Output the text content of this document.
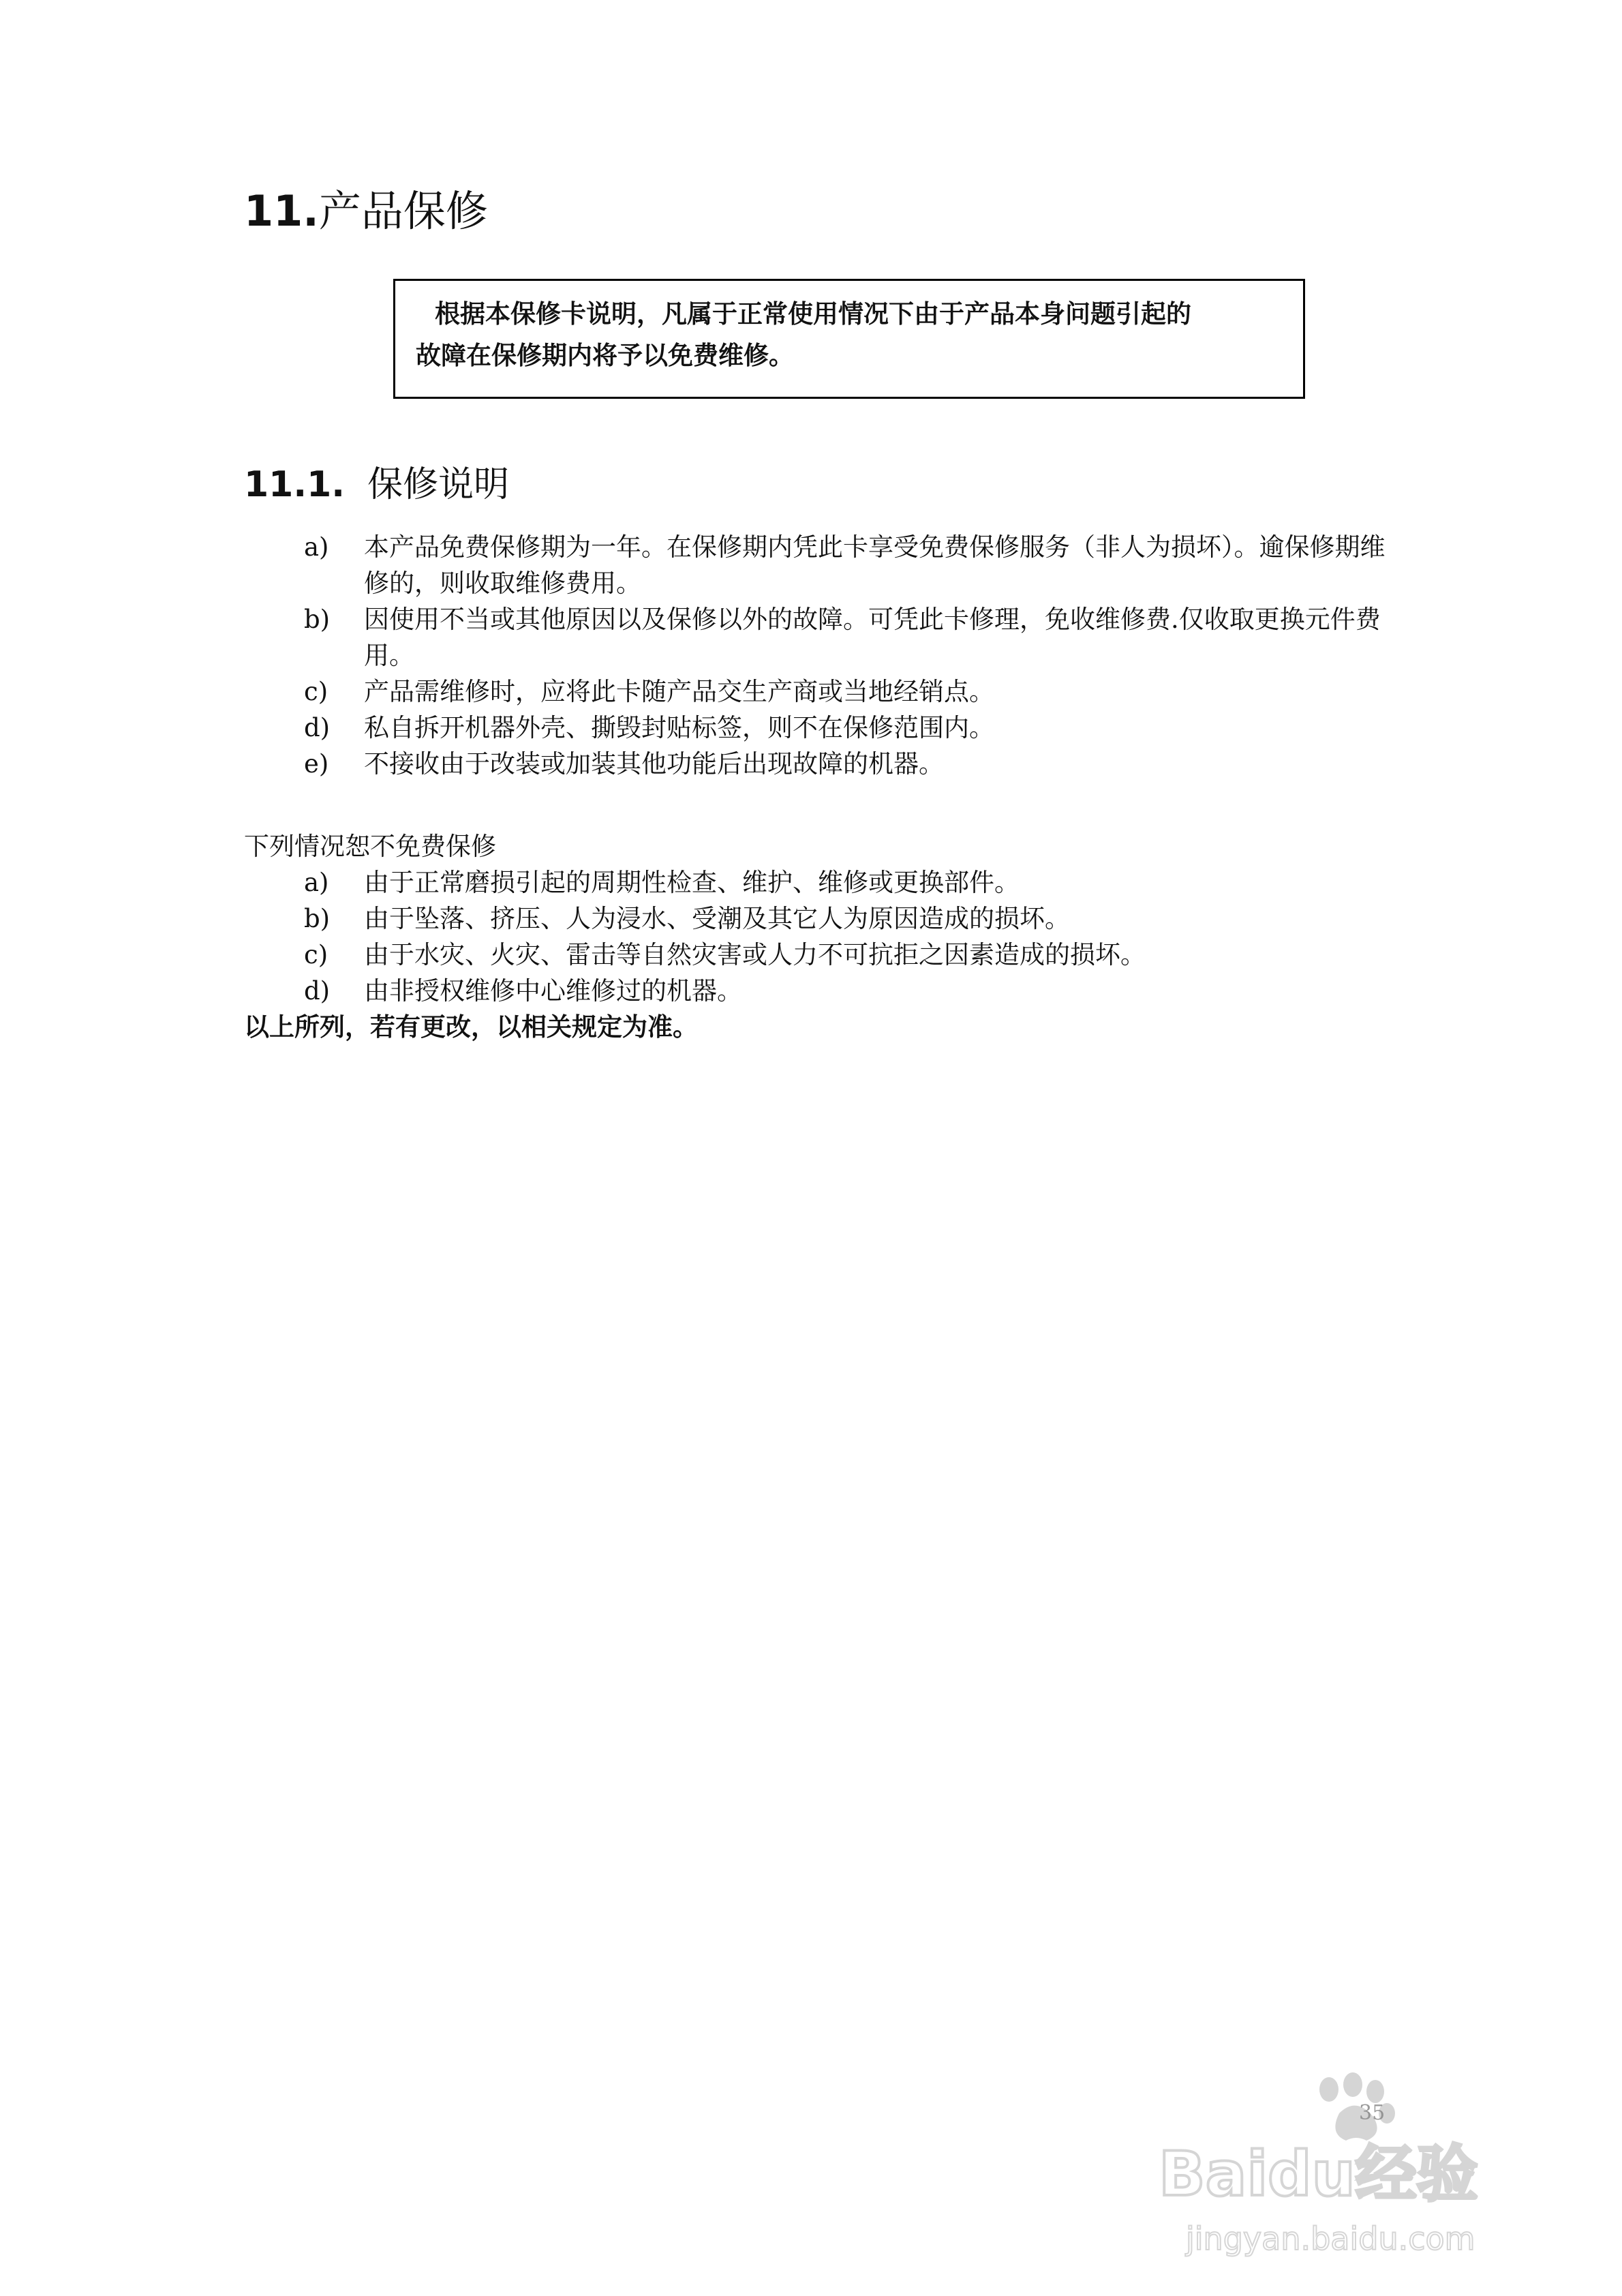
11.产品保修
根据本保修卡说明，凡属于正常使用情况下由于产品本身问题引起的
故障在保修期内将予以免费维修。
11.1. 保修说明
a)	本产品免费保修期为一年。在保修期内凭此卡享受免费保修服务（非人为损坏）。逾保修期维修的，则收取维修费用。
b)	因使用不当或其他原因以及保修以外的故障。可凭此卡修理，免收维修费.仅收取更换元件费用。
c)	产品需维修时，应将此卡随产品交生产商或当地经销点。
d)	私自拆开机器外壳、撕毁封贴标签，则不在保修范围内。
e)	不接收由于改装或加装其他功能后出现故障的机器。

下列情况恕不免费保修

a)	由于正常磨损引起的周期性检查、维护、维修或更换部件。
b)	由于坠落、挤压、人为浸水、受潮及其它人为原因造成的损坏。
c)	由于水灾、火灾、雷击等自然灾害或人力不可抗拒之因素造成的损坏。
d)	由非授权维修中心维修过的机器。

以上所列，若有更改，以相关规定为准。

35
Baidu经验
jingyan.baidu.com
